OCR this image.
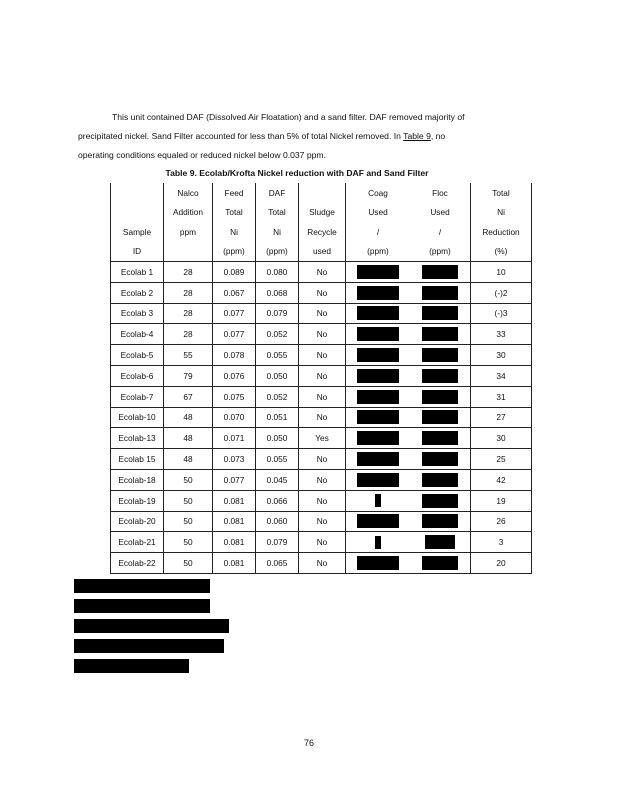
This unit contained DAF (Dissolved Air Floatation) and a sand filter. DAF removed majority of
precipitated nickel. Sand Filter accounted for less than 5% of total Nickel removed. In Table 9, no
operating conditions equaled or reduced nickel below 0.037 ppm.
Table 9. Ecolab/Krofta Nickel reduction with DAF and Sand Filter
	Nalco	Feed	DAF		Coag	Floc	Total
	Addition	Total	Total	Sludge	Used	Used	Ni
Sample	ppm	Ni	Ni	Recycle	/	/	Reduction
ID		(ppm)	(ppm)	used	(ppm)	(ppm)	(%)
Ecolab 1	28	0.089	0.080	No			10
Ecolab 2	28	0.067	0.068	No			(-)2
Ecolab 3	28	0.077	0.079	No			(-)3
Ecolab-4	28	0.077	0.052	No			33
Ecolab-5	55	0.078	0.055	No			30
Ecolab-6	79	0.076	0.050	No			34
Ecolab-7	67	0.075	0.052	No			31
Ecolab-10	48	0.070	0.051	No			27
Ecolab-13	48	0.071	0.050	Yes			30
Ecolab 15	48	0.073	0.055	No			25
Ecolab-18	50	0.077	0.045	No			42
Ecolab-19	50	0.081	0.066	No			19
Ecolab-20	50	0.081	0.060	No			26
Ecolab-21	50	0.081	0.079	No			3
Ecolab-22	50	0.081	0.065	No			20
76
